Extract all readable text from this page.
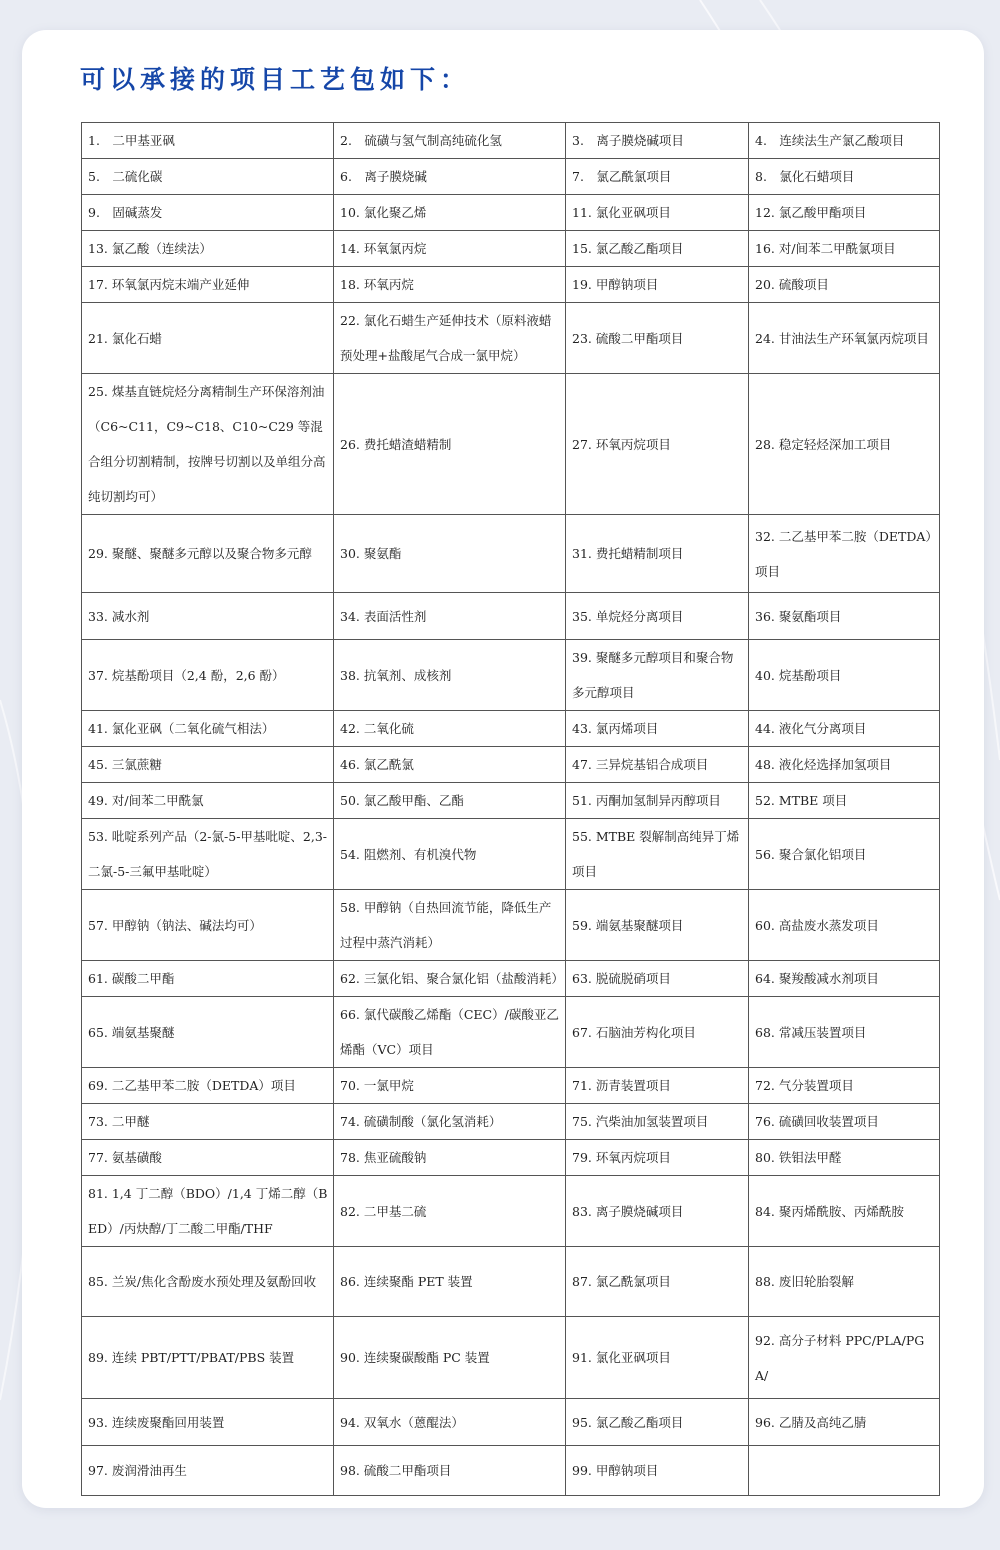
可以承接的项目工艺包如下：
1.　二甲基亚砜	2.　硫磺与氢气制高纯硫化氢	3.　离子膜烧碱项目	4.　连续法生产氯乙酸项目
5.　二硫化碳	6.　离子膜烧碱	7.　氯乙酰氯项目	8.　氯化石蜡项目
9.　固碱蒸发	10. 氯化聚乙烯	11. 氯化亚砜项目	12. 氯乙酸甲酯项目
13. 氯乙酸（连续法）	14. 环氧氯丙烷	15. 氯乙酸乙酯项目	16. 对/间苯二甲酰氯项目
17. 环氧氯丙烷末端产业延伸	18. 环氧丙烷	19. 甲醇钠项目	20. 硫酸项目
21. 氯化石蜡	22. 氯化石蜡生产延伸技术（原料液蜡预处理+盐酸尾气合成一氯甲烷）	23. 硫酸二甲酯项目	24. 甘油法生产环氧氯丙烷项目
25. 煤基直链烷烃分离精制生产环保溶剂油（C6~C11，C9~C18、C10~C29 等混合组分切割精制，按牌号切割以及单组分高纯切割均可）	26. 费托蜡渣蜡精制	27. 环氧丙烷项目	28. 稳定轻烃深加工项目
29. 聚醚、聚醚多元醇以及聚合物多元醇	30. 聚氨酯	31. 费托蜡精制项目	32. 二乙基甲苯二胺（DETDA）项目
33. 减水剂	34. 表面活性剂	35. 单烷烃分离项目	36. 聚氨酯项目
37. 烷基酚项目（2,4 酚，2,6 酚）	38. 抗氧剂、成核剂	39. 聚醚多元醇项目和聚合物多元醇项目	40. 烷基酚项目
41. 氯化亚砜（二氧化硫气相法）	42. 二氧化硫	43. 氯丙烯项目	44. 液化气分离项目
45. 三氯蔗糖	46. 氯乙酰氯	47. 三异烷基铝合成项目	48. 液化烃选择加氢项目
49. 对/间苯二甲酰氯	50. 氯乙酸甲酯、乙酯	51. 丙酮加氢制异丙醇项目	52. MTBE 项目
53. 吡啶系列产品（2-氯-5-甲基吡啶、2,3-二氯-5-三氟甲基吡啶）	54. 阻燃剂、有机溴代物	55. MTBE 裂解制高纯异丁烯项目	56. 聚合氯化铝项目
57. 甲醇钠（钠法、碱法均可）	58. 甲醇钠（自热回流节能，降低生产过程中蒸汽消耗）	59. 端氨基聚醚项目	60. 高盐废水蒸发项目
61. 碳酸二甲酯	62. 三氯化铝、聚合氯化铝（盐酸消耗）	63. 脱硫脱硝项目	64. 聚羧酸减水剂项目
65. 端氨基聚醚	66. 氯代碳酸乙烯酯（CEC）/碳酸亚乙烯酯（VC）项目	67. 石脑油芳构化项目	68. 常减压装置项目
69. 二乙基甲苯二胺（DETDA）项目	70. 一氯甲烷	71. 沥青装置项目	72. 气分装置项目
73. 二甲醚	74. 硫磺制酸（氯化氢消耗）	75. 汽柴油加氢装置项目	76. 硫磺回收装置项目
77. 氨基磺酸	78. 焦亚硫酸钠	79. 环氧丙烷项目	80. 铁钼法甲醛
81. 1,4 丁二醇（BDO）/1,4 丁烯二醇（BED）/丙炔醇/丁二酸二甲酯/THF	82. 二甲基二硫	83. 离子膜烧碱项目	84. 聚丙烯酰胺、丙烯酰胺
85. 兰炭/焦化含酚废水预处理及氨酚回收	86. 连续聚酯 PET 装置	87. 氯乙酰氯项目	88. 废旧轮胎裂解
89. 连续 PBT/PTT/PBAT/PBS 装置	90. 连续聚碳酸酯 PC 装置	91. 氯化亚砜项目	92. 高分子材料 PPC/PLA/PGA/
93. 连续废聚酯回用装置	94. 双氧水（蒽醌法）	95. 氯乙酸乙酯项目	96. 乙腈及高纯乙腈
97. 废润滑油再生	98. 硫酸二甲酯项目	99. 甲醇钠项目	
